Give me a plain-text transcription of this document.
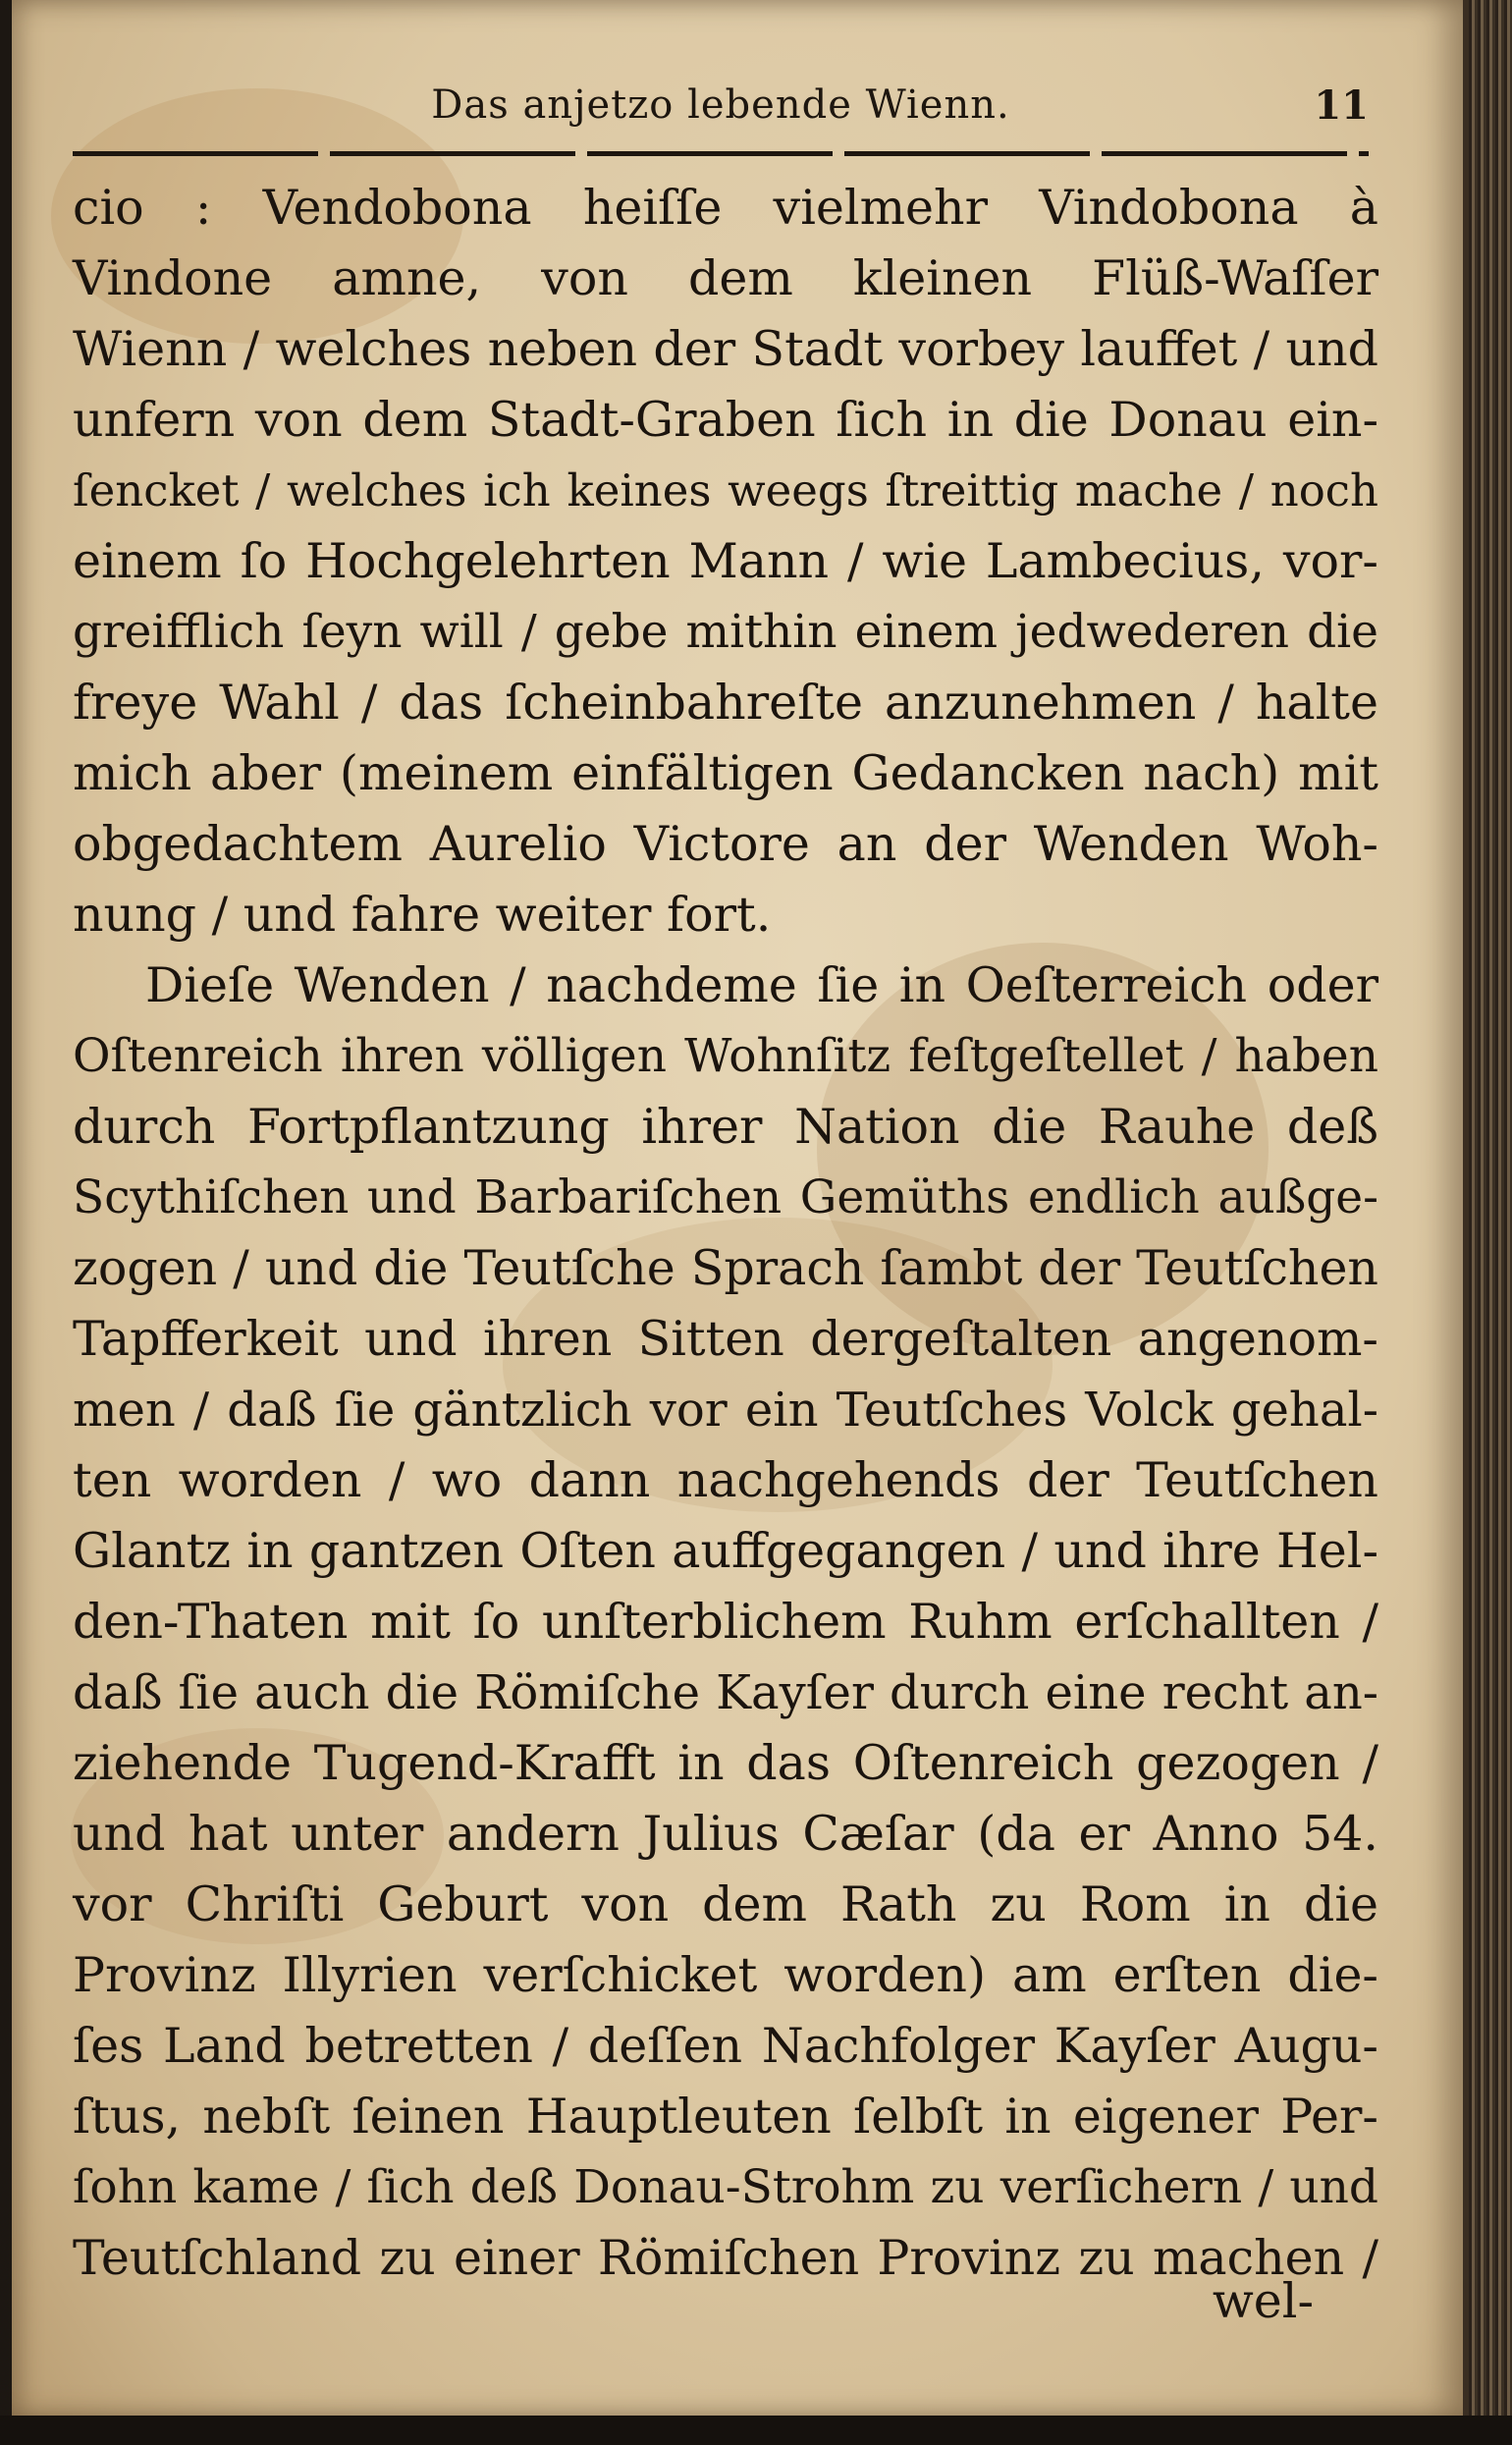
Das anjetzo lebende Wienn.	11
cio : Vendobona heiſſe vielmehr Vindobona à
Vindone amne, von dem kleinen Flüß-Waſſer
Wienn / welches neben der Stadt vorbey lauffet / und
unfern von dem Stadt-Graben ſich in die Donau ein-
ſencket / welches ich keines weegs ſtreittig mache / noch
einem ſo Hochgelehrten Mann / wie Lambecius, vor-
greifflich ſeyn will / gebe mithin einem jedwederen die
freye Wahl / das ſcheinbahreſte anzunehmen / halte
mich aber (meinem einfältigen Gedancken nach) mit
obgedachtem Aurelio Victore an der Wenden Woh-
nung / und fahre weiter fort.
Dieſe Wenden / nachdeme ſie in Oeſterreich oder
Oſtenreich ihren völligen Wohnſitz feſtgeſtellet / haben
durch Fortpflantzung ihrer Nation die Rauhe deß
Scythiſchen und Barbariſchen Gemüths endlich außge-
zogen / und die Teutſche Sprach ſambt der Teutſchen
Tapfferkeit und ihren Sitten dergeſtalten angenom-
men / daß ſie gäntzlich vor ein Teutſches Volck gehal-
ten worden / wo dann nachgehends der Teutſchen
Glantz in gantzen Oſten auffgegangen / und ihre Hel-
den-Thaten mit ſo unſterblichem Ruhm erſchallten /
daß ſie auch die Römiſche Kayſer durch eine recht an-
ziehende Tugend-Krafft in das Oſtenreich gezogen /
und hat unter andern Julius Cæſar (da er Anno 54.
vor Chriſti Geburt von dem Rath zu Rom in die
Provinz Illyrien verſchicket worden) am erſten die-
ſes Land betretten / deſſen Nachfolger Kayſer Augu-
ſtus, nebſt ſeinen Hauptleuten ſelbſt in eigener Per-
ſohn kame / ſich deß Donau-Strohm zu verſichern / und
Teutſchland zu einer Römiſchen Provinz zu machen /
wel-
